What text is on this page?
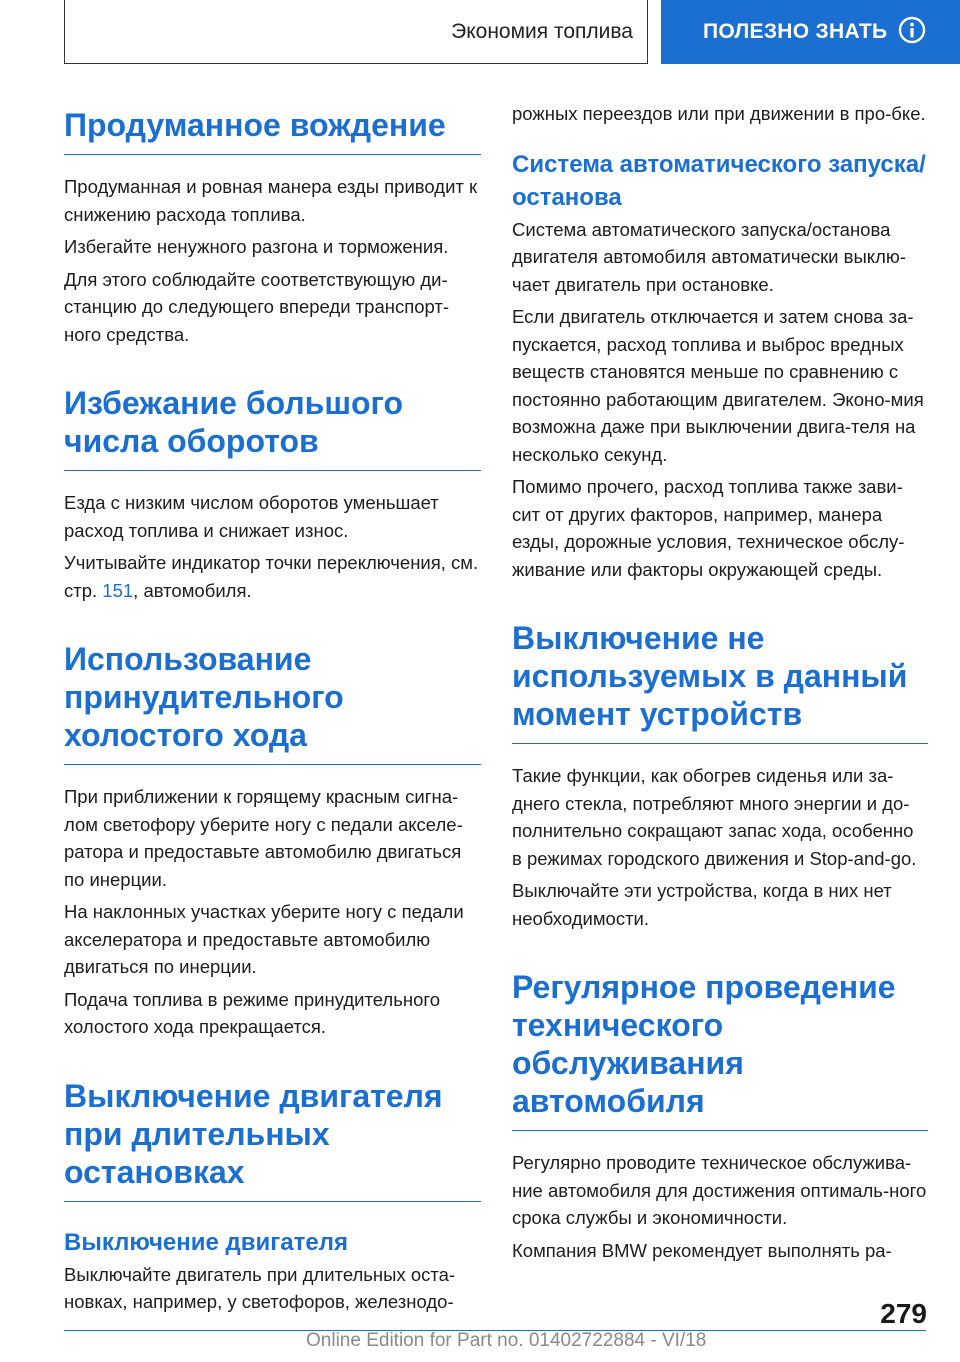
Экономия топлива	ПОЛЕЗНО ЗНАТЬ
Продуманное вождение

Продуманная и ровная манера езды приводит к снижению расхода топлива.

Избегайте ненужного разгона и торможения.

Для этого соблюдайте соответствующую ди-станцию до следующего впереди транспорт-ного средства.

Избежание большого числа оборотов

Езда с низким числом оборотов уменьшает расход топлива и снижает износ.

Учитывайте индикатор точки переключения, см. стр. 151, автомобиля.

Использование принудительного холостого хода

При приближении к горящему красным сигна-лом светофору уберите ногу с педали акселе-ратора и предоставьте автомобилю двигаться по инерции.

На наклонных участках уберите ногу с педали акселератора и предоставьте автомобилю двигаться по инерции.

Подача топлива в режиме принудительного холостого хода прекращается.

Выключение двигателя при длительных остановках
Выключение двигателя

Выключайте двигатель при длительных оста-новках, например, у светофоров, железнодо-

рожных переездов или при движении в про-бке.

Система автоматического запуска/останова

Система автоматического запуска/останова двигателя автомобиля автоматически выклю-чает двигатель при остановке.

Если двигатель отключается и затем снова за-пускается, расход топлива и выброс вредных веществ становятся меньше по сравнению с постоянно работающим двигателем. Эконо-мия возможна даже при выключении двига-теля на несколько секунд.

Помимо прочего, расход топлива также зави-сит от других факторов, например, манера езды, дорожные условия, техническое обслу-живание или факторы окружающей среды.

Выключение не используемых в данный момент устройств

Такие функции, как обогрев сиденья или за-днего стекла, потребляют много энергии и до-полнительно сокращают запас хода, особенно в режимах городского движения и Stop-and-go.

Выключайте эти устройства, когда в них нет необходимости.

Регулярное проведение технического обслуживания автомобиля

Регулярно проводите техническое обслужива-ние автомобиля для достижения оптималь-ного срока службы и экономичности.

Компания BMW рекомендует выполнять ра-

279
Online Edition for Part no. 01402722884 - VI/18
